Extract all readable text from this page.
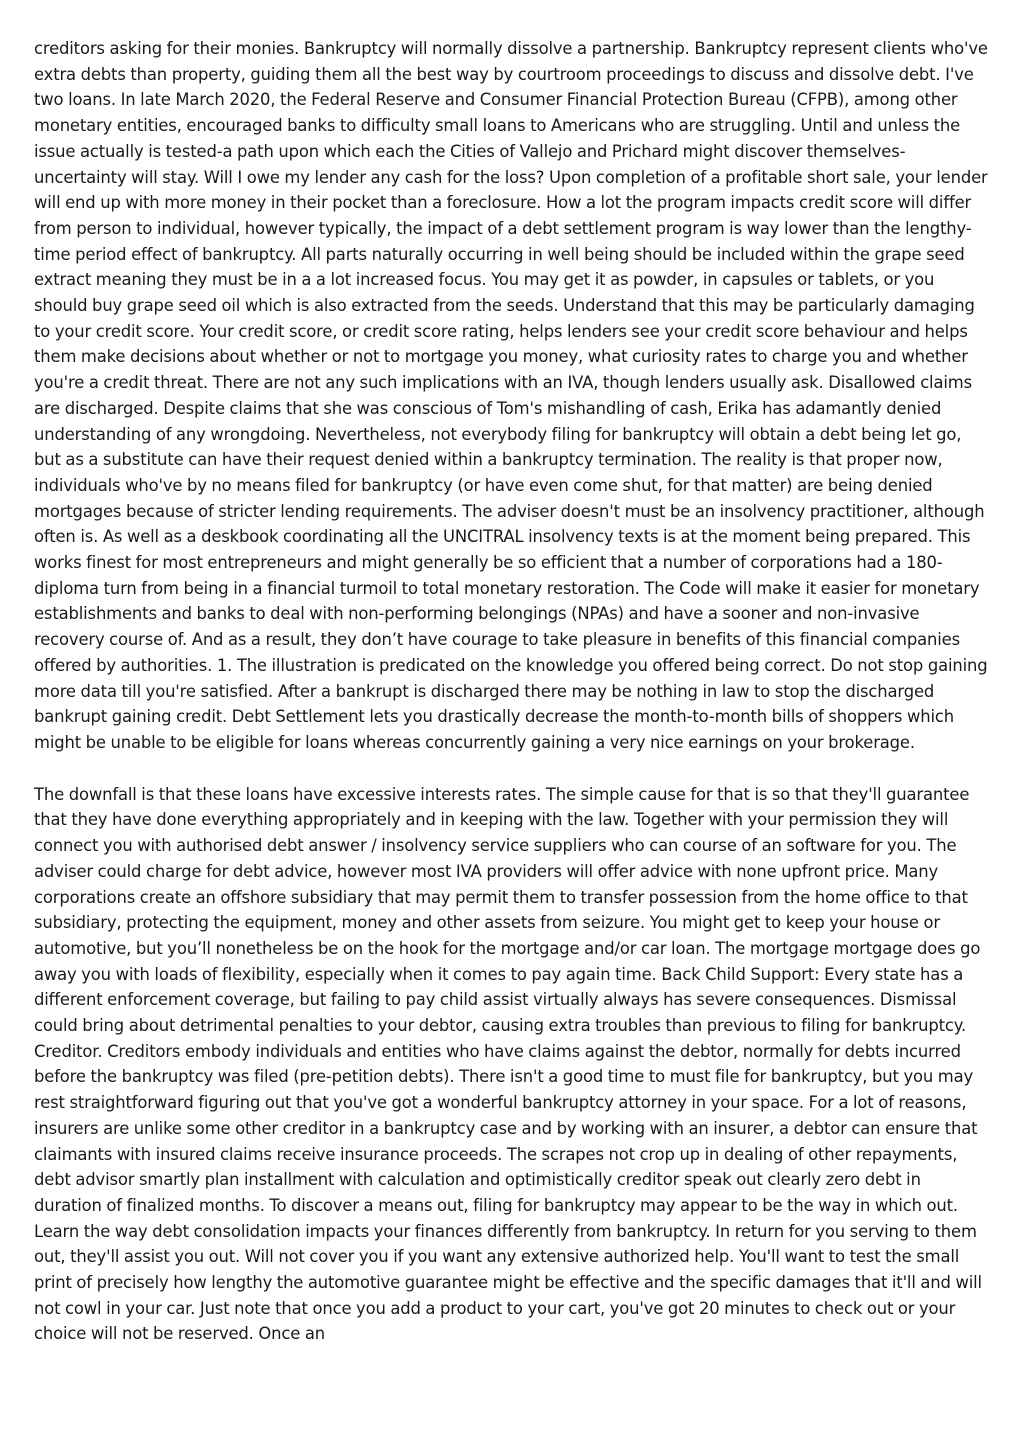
creditors asking for their monies. Bankruptcy will normally dissolve a partnership. Bankruptcy represent clients who've extra debts than property, guiding them all the best way by courtroom proceedings to discuss and dissolve debt. I've two loans. In late March 2020, the Federal Reserve and Consumer Financial Protection Bureau (CFPB), among other monetary entities, encouraged banks to difficulty small loans to Americans who are struggling. Until and unless the issue actually is tested-a path upon which each the Cities of Vallejo and Prichard might discover themselves-uncertainty will stay. Will I owe my lender any cash for the loss? Upon completion of a profitable short sale, your lender will end up with more money in their pocket than a foreclosure. How a lot the program impacts credit score will differ from person to individual, however typically, the impact of a debt settlement program is way lower than the lengthy-time period effect of bankruptcy. All parts naturally occurring in well being should be included within the grape seed extract meaning they must be in a a lot increased focus. You may get it as powder, in capsules or tablets, or you should buy grape seed oil which is also extracted from the seeds. Understand that this may be particularly damaging to your credit score. Your credit score, or credit score rating, helps lenders see your credit score behaviour and helps them make decisions about whether or not to mortgage you money, what curiosity rates to charge you and whether you're a credit threat. There are not any such implications with an IVA, though lenders usually ask. Disallowed claims are discharged. Despite claims that she was conscious of Tom's mishandling of cash, Erika has adamantly denied understanding of any wrongdoing. Nevertheless, not everybody filing for bankruptcy will obtain a debt being let go, but as a substitute can have their request denied within a bankruptcy termination. The reality is that proper now, individuals who've by no means filed for bankruptcy (or have even come shut, for that matter) are being denied mortgages because of stricter lending requirements. The adviser doesn't must be an insolvency practitioner, although often is. As well as a deskbook coordinating all the UNCITRAL insolvency texts is at the moment being prepared. This works finest for most entrepreneurs and might generally be so efficient that a number of corporations had a 180-diploma turn from being in a financial turmoil to total monetary restoration. The Code will make it easier for monetary establishments and banks to deal with non-performing belongings (NPAs) and have a sooner and non-invasive recovery course of. And as a result, they don’t have courage to take pleasure in benefits of this financial companies offered by authorities. 1. The illustration is predicated on the knowledge you offered being correct. Do not stop gaining more data till you're satisfied. After a bankrupt is discharged there may be nothing in law to stop the discharged bankrupt gaining credit. Debt Settlement lets you drastically decrease the month-to-month bills of shoppers which might be unable to be eligible for loans whereas concurrently gaining a very nice earnings on your brokerage.

The downfall is that these loans have excessive interests rates. The simple cause for that is so that they'll guarantee that they have done everything appropriately and in keeping with the law. Together with your permission they will connect you with authorised debt answer / insolvency service suppliers who can course of an software for you. The adviser could charge for debt advice, however most IVA providers will offer advice with none upfront price. Many corporations create an offshore subsidiary that may permit them to transfer possession from the home office to that subsidiary, protecting the equipment, money and other assets from seizure. You might get to keep your house or automotive, but you’ll nonetheless be on the hook for the mortgage and/or car loan. The mortgage mortgage does go away you with loads of flexibility, especially when it comes to pay again time. Back Child Support: Every state has a different enforcement coverage, but failing to pay child assist virtually always has severe consequences. Dismissal could bring about detrimental penalties to your debtor, causing extra troubles than previous to filing for bankruptcy. Creditor. Creditors embody individuals and entities who have claims against the debtor, normally for debts incurred before the bankruptcy was filed (pre-petition debts). There isn't a good time to must file for bankruptcy, but you may rest straightforward figuring out that you've got a wonderful bankruptcy attorney in your space. For a lot of reasons, insurers are unlike some other creditor in a bankruptcy case and by working with an insurer, a debtor can ensure that claimants with insured claims receive insurance proceeds. The scrapes not crop up in dealing of other repayments, debt advisor smartly plan installment with calculation and optimistically creditor speak out clearly zero debt in duration of finalized months. To discover a means out, filing for bankruptcy may appear to be the way in which out. Learn the way debt consolidation impacts your finances differently from bankruptcy. In return for you serving to them out, they'll assist you out. Will not cover you if you want any extensive authorized help. You'll want to test the small print of precisely how lengthy the automotive guarantee might be effective and the specific damages that it'll and will not cowl in your car. Just note that once you add a product to your cart, you've got 20 minutes to check out or your choice will not be reserved. Once an
